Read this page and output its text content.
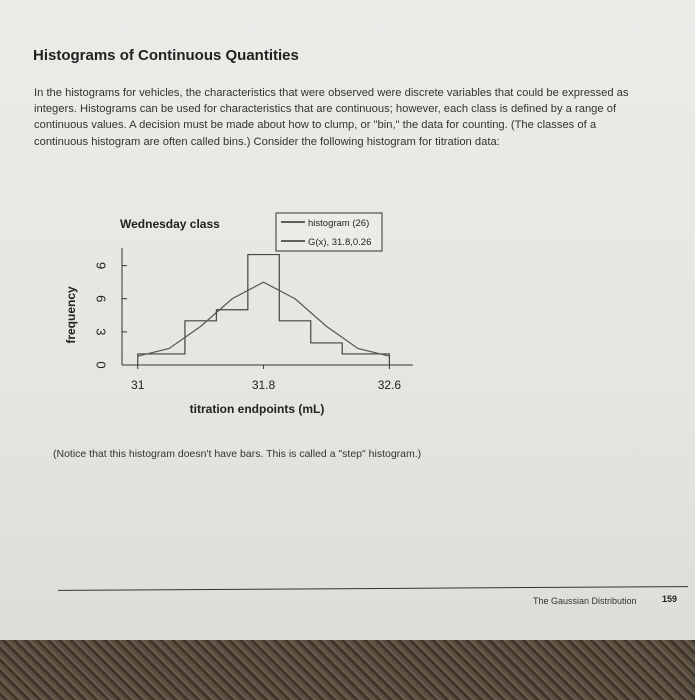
Histograms of Continuous Quantities

In the histograms for vehicles, the characteristics that were observed were discrete variables that could be expressed as integers. Histograms can be used for characteristics that are continuous; however, each class is defined by a range of continuous values. A decision must be made about how to clump, or "bin," the data for counting. (The classes of a continuous histogram are often called bins.) Consider the following histogram for titration data:

Wednesday class	histogram (26)
G(x), 31.8,0.26
0
3
6
9
31	31.8	32.6
frequency
titration endpoints (mL)

(Notice that this histogram doesn't have bars. This is called a "step" histogram.)

The Gaussian Distribution	159
